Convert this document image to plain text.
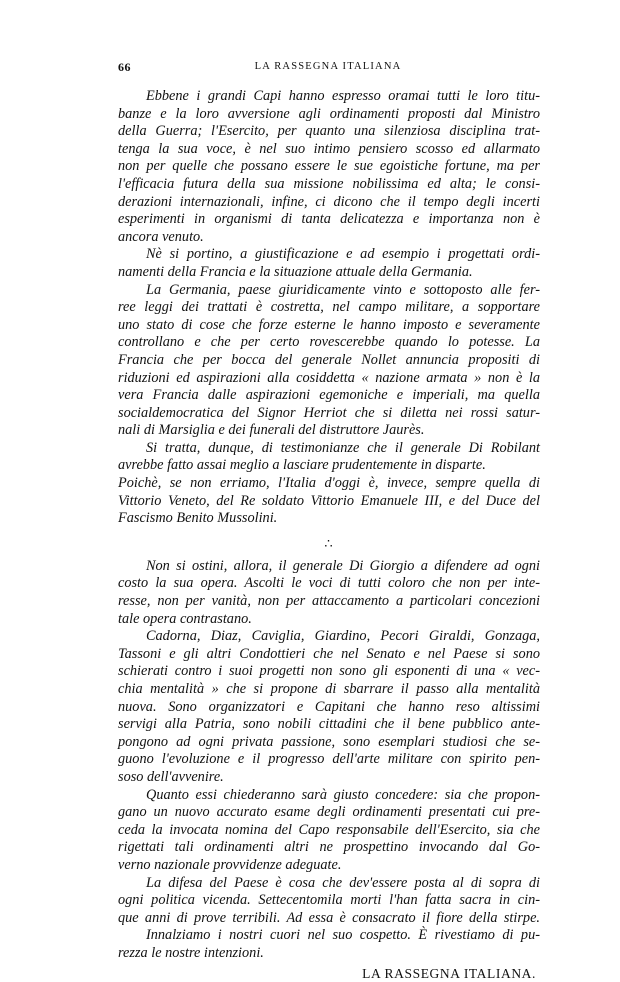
66	LA RASSEGNA ITALIANA
Ebbene i grandi Capi hanno espresso oramai tutti le loro titu-
banze e la loro avversione agli ordinamenti proposti dal Ministro
della Guerra; l'Esercito, per quanto una silenziosa disciplina trat-
tenga la sua voce, è nel suo intimo pensiero scosso ed allarmato
non per quelle che possano essere le sue egoistiche fortune, ma per
l'efficacia futura della sua missione nobilissima ed alta; le consi-
derazioni internazionali, infine, ci dicono che il tempo degli incerti
esperimenti in organismi di tanta delicatezza e importanza non è
ancora venuto.
Nè si portino, a giustificazione e ad esempio i progettati ordi-
namenti della Francia e la situazione attuale della Germania.
La Germania, paese giuridicamente vinto e sottoposto alle fer-
ree leggi dei trattati è costretta, nel campo militare, a sopportare
uno stato di cose che forze esterne le hanno imposto e severamente
controllano e che per certo rovescerebbe quando lo potesse. La
Francia che per bocca del generale Nollet annuncia propositi di
riduzioni ed aspirazioni alla cosiddetta « nazione armata » non è la
vera Francia dalle aspirazioni egemoniche e imperiali, ma quella
socialdemocratica del Signor Herriot che si diletta nei rossi satur-
nali di Marsiglia e dei funerali del distruttore Jaurès.
Si tratta, dunque, di testimonianze che il generale Di Robilant
avrebbe fatto assai meglio a lasciare prudentemente in disparte.
Poichè, se non erriamo, l'Italia d'oggi è, invece, sempre quella di
Vittorio Veneto, del Re soldato Vittorio Emanuele III, e del Duce del
Fascismo Benito Mussolini.
∴
Non si ostini, allora, il generale Di Giorgio a difendere ad ogni
costo la sua opera. Ascolti le voci di tutti coloro che non per inte-
resse, non per vanità, non per attaccamento a particolari concezioni
tale opera contrastano.
Cadorna, Diaz, Caviglia, Giardino, Pecori Giraldi, Gonzaga,
Tassoni e gli altri Condottieri che nel Senato e nel Paese si sono
schierati contro i suoi progetti non sono gli esponenti di una « vec-
chia mentalità » che si propone di sbarrare il passo alla mentalità
nuova. Sono organizzatori e Capitani che hanno reso altissimi
servigi alla Patria, sono nobili cittadini che il bene pubblico ante-
pongono ad ogni privata passione, sono esemplari studiosi che se-
guono l'evoluzione e il progresso dell'arte militare con spirito pen-
soso dell'avvenire.
Quanto essi chiederanno sarà giusto concedere: sia che propon-
gano un nuovo accurato esame degli ordinamenti presentati cui pre-
ceda la invocata nomina del Capo responsabile dell'Esercito, sia che
rigettati tali ordinamenti altri ne prospettino invocando dal Go-
verno nazionale provvidenze adeguate.
La difesa del Paese è cosa che dev'essere posta al di sopra di
ogni politica vicenda. Settecentomila morti l'han fatta sacra in cin-
que anni di prove terribili. Ad essa è consacrato il fiore della stirpe.
Innalziamo i nostri cuori nel suo cospetto. È rivestiamo di pu-
rezza le nostre intenzioni.
LA RASSEGNA ITALIANA.
